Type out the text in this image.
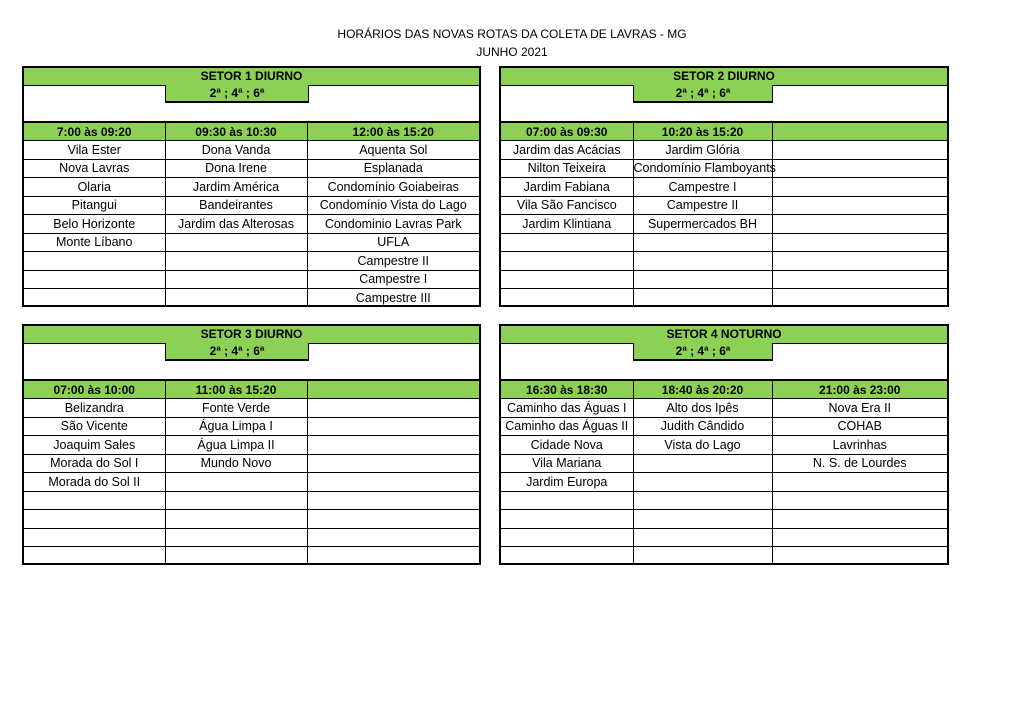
HORÁRIOS DAS NOVAS ROTAS DA COLETA DE LAVRAS - MG
JUNHO 2021
SETOR 1 DIURNO
2ª ; 4ª ; 6ª
7:00 às 09:20	09:30 às 10:30	12:00 às 15:20
Vila Ester	Dona Vanda	Aquenta Sol
Nova Lavras	Dona Irene	Esplanada
Olaria	Jardim América	Condomínio Goiabeiras
Pitangui	Bandeirantes	Condomínio Vista do Lago
Belo Horizonte	Jardim das Alterosas	Condominio Lavras Park
Monte Líbano		UFLA
		Campestre II
		Campestre I
		Campestre III
SETOR 2 DIURNO
2ª ; 4ª ; 6ª
07:00 às 09:30	10:20 às 15:20	
Jardim das Acácias	Jardim Glória	
Nilton Teixeira	Condomínio Flamboyants	
Jardim Fabiana	Campestre I	
Vila São Fancisco	Campestre II	
Jardim Klintiana	Supermercados BH	

SETOR 3 DIURNO
2ª ; 4ª ; 6ª
07:00 às 10:00	11:00 às 15:20	
Belizandra	Fonte Verde	
São Vicente	Água Limpa I	
Joaquim Sales	Água Limpa II	
Morada do Sol I	Mundo Novo	
Morada do Sol II		

SETOR 4 NOTURNO
2ª ; 4ª ; 6ª
16:30 às 18:30	18:40 às 20:20	21:00 às 23:00
Caminho das Águas I	Alto dos Ipês	Nova Era II
Caminho das Águas II	Judith Cândido	COHAB
Cidade Nova	Vista do Lago	Lavrinhas
Vila Mariana		N. S. de Lourdes
Jardim Europa		
